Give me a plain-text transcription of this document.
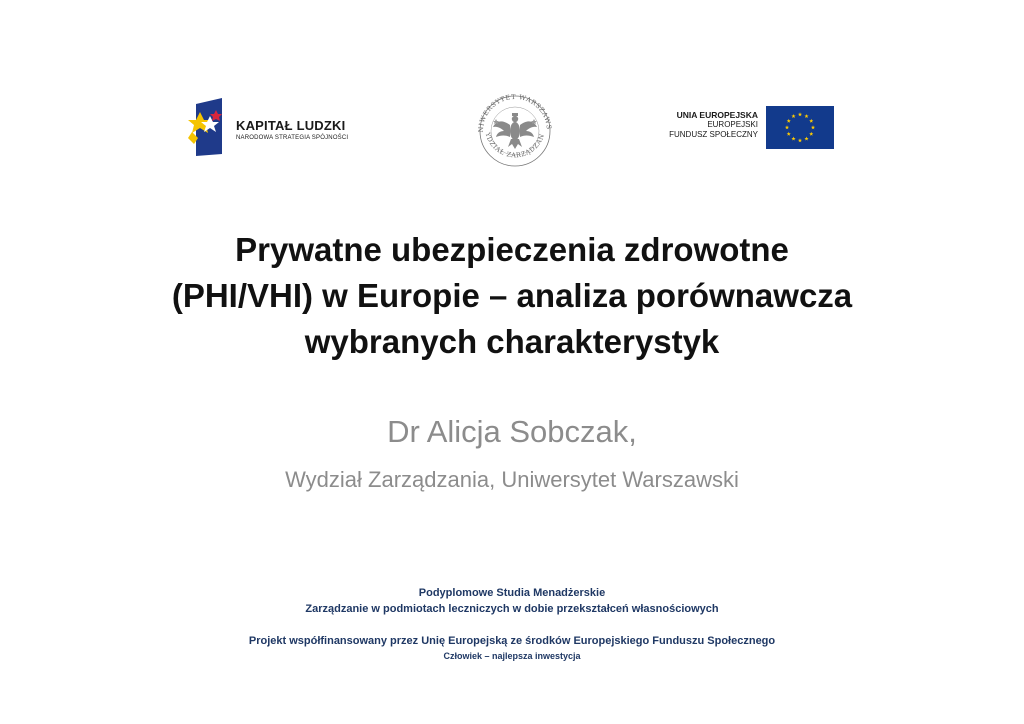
KAPITAŁ LUDZKI
NARODOWA STRATEGIA SPÓJNOŚCI
NIWERSYTET WARSZAWS
YDZIAŁ ZARZĄDZAN
UNIA EUROPEJSKA
EUROPEJSKI
FUNDUSZ SPOŁECZNY
Prywatne ubezpieczenia zdrowotne
(PHI/VHI) w Europie – analiza porównawcza
wybranych charakterystyk
Dr Alicja Sobczak,
Wydział Zarządzania, Uniwersytet Warszawski
Podyplomowe Studia Menadżerskie
Zarządzanie w podmiotach leczniczych w dobie przekształceń własnościowych
Projekt współfinansowany przez Unię Europejską ze środków Europejskiego Funduszu Społecznego
Człowiek – najlepsza inwestycja
